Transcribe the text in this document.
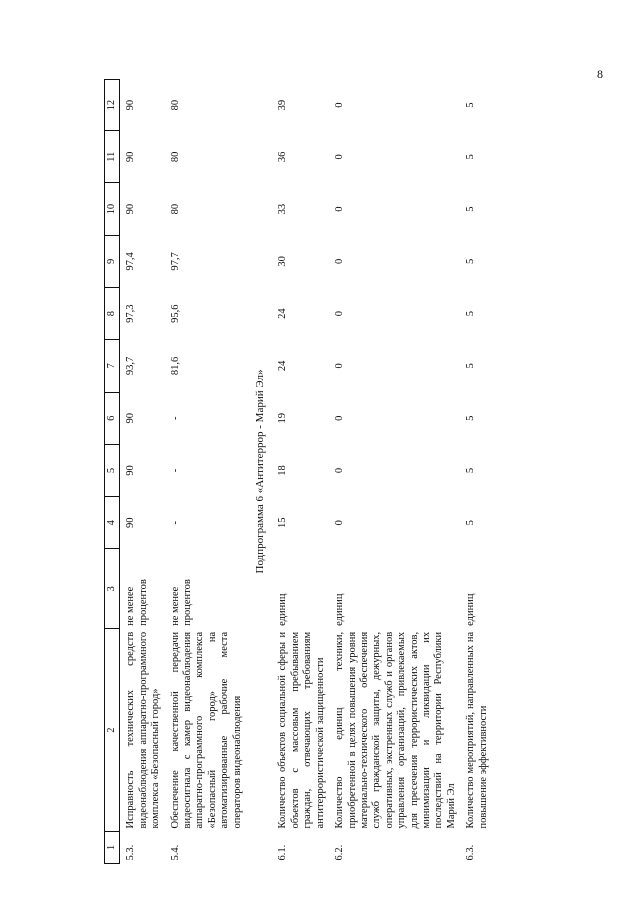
8
1	2	3	4	5	6	7	8	9	10	11	12
5.3.	Исправность технических средств видеонаблюдения аппаратно-программного комплекса «Безопасный город»	не менее процентов	90	90	90	93,7	97,3	97,4	90	90	90
5.4.	Обеспечение качественной передачи видеосигнала с камер видеонаблюдения аппаратно-программного комплекса «Безопасный город» на автоматизированные рабочие места операторов видеонаблюдения	не менее процентов	-	-	-	81,6	95,6	97,7	80	80	80
Подпрограмма 6 «Антитеррор - Марий Эл»											
6.1.	Количество объектов социальной сферы и объектов с массовым пребыванием граждан, отвечающих требованиям антитеррористической защищенности	единиц	15	18	19	24	24	30	33	36	39
6.2.	Количество единиц техники, приобретенной в целях повышения уровня материально-технического обеспечения служб гражданской защиты, дежурных, оперативных, экстренных служб и органов управления организаций, привлекаемых для пресечения террористических актов, минимизации и ликвидации их последствий на территории Республики Марий Эл	единиц	0	0	0	0	0	0	0	0	0
6.3.	Количество мероприятий, направленных на повышение эффективности	единиц	5	5	5	5	5	5	5	5	5
